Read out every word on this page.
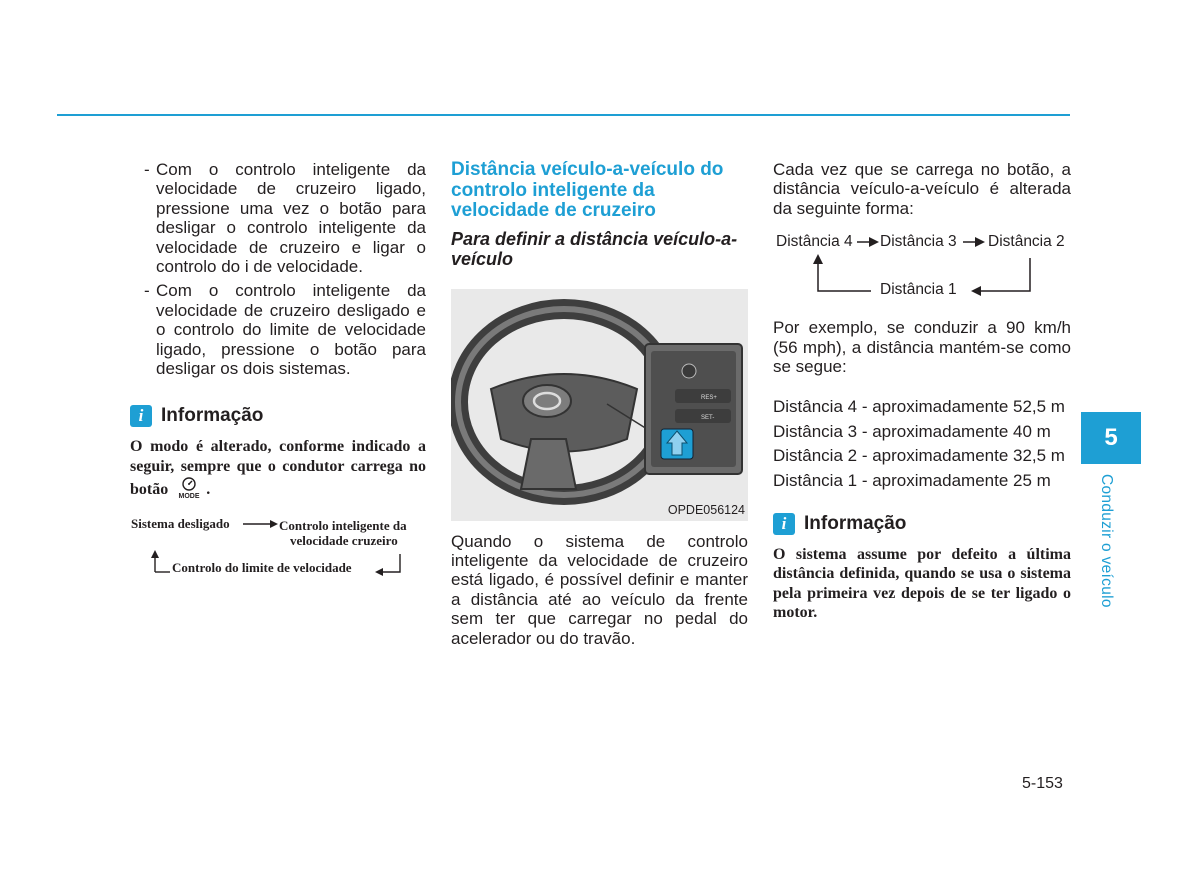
- Com o controlo inteligente da velocidade de cruzeiro ligado, pressione uma vez o botão para desligar o controlo inteligente da velocidade de cruzeiro e ligar o controlo do i de velocidade.

- Com o controlo inteligente da velocidade de cruzeiro desligado e o controlo do limite de velocidade ligado, pressione o botão para desligar os dois sistemas.

i Informação
O modo é alterado, conforme indicado a seguir, sempre que o condutor carrega no botão MODE .
Sistema desligado	Controlo inteligente da
velocidade cruzeiro
Controlo do limite de velocidade
Distância veículo-a-veículo do controlo inteligente da velocidade de cruzeiro
Para definir a distância veículo-a-veículo
RES+
SET-
OPDE056124

Quando o sistema de controlo inteligente da velocidade de cruzeiro está ligado, é possível definir e manter a distância até ao veículo da frente sem ter que carregar no pedal do acelerador ou do travão.

Cada vez que se carrega no botão, a distância veículo-a-veículo é alterada da seguinte forma:

Distância 4 Distância 3 Distância 2
Distância 1

Por exemplo, se conduzir a 90 km/h (56 mph), a distância mantém-se como se segue:

Distância 4 - aproximadamente 52,5 m
Distância 3 - aproximadamente 40 m
Distância 2 - aproximadamente 32,5 m
Distância 1 - aproximadamente 25 m
i Informação
O sistema assume por defeito a última distância definida, quando se usa o sistema pela primeira vez depois de se ter ligado o motor.
5
Conduzir o veículo
5-153
